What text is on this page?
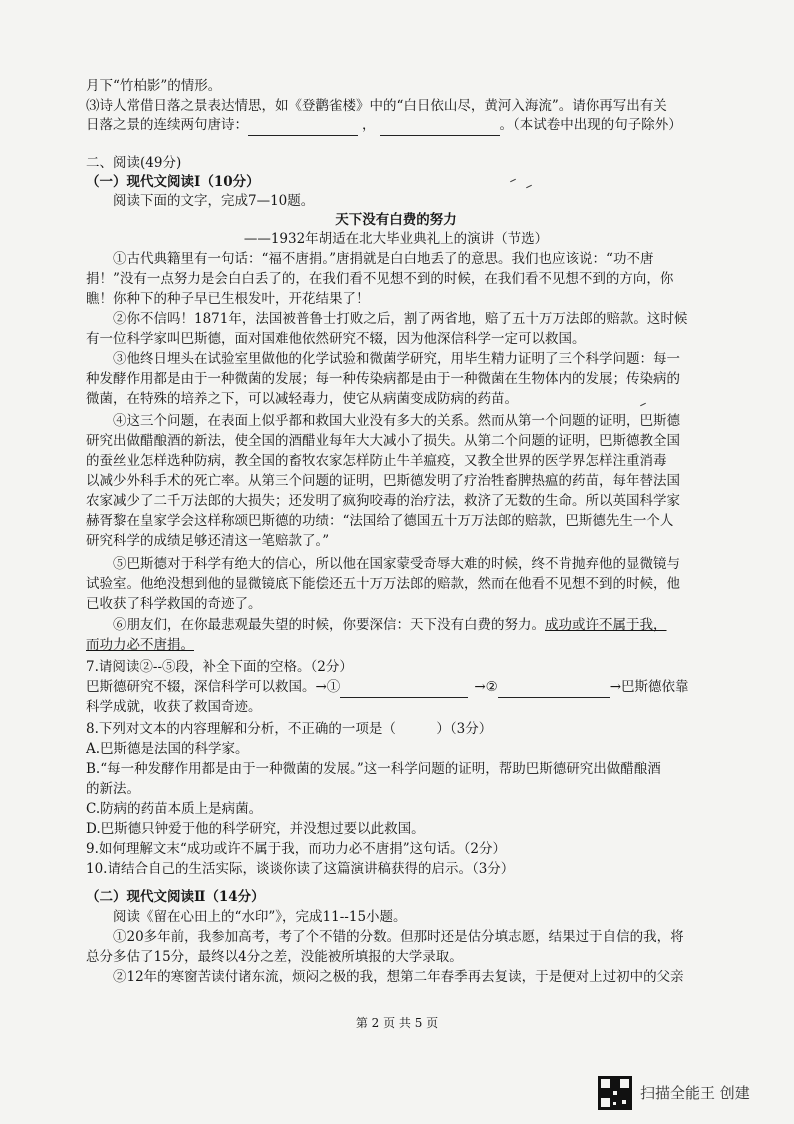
月下“竹柏影”的情形。
⑶诗人常借日落之景表达情思，如《登鹳雀楼》中的“白日依山尽，黄河入海流”。请你再写出有关
日落之景的连续两句唐诗：	，	。（本试卷中出现的句子除外）
二、阅读(49分)
（一）现代文阅读Ⅰ（10分）
阅读下面的文字，完成7—10题。
天下没有白费的努力
——1932年胡适在北大毕业典礼上的演讲（节选）
①古代典籍里有一句话：“福不唐捐。”唐捐就是白白地丢了的意思。我们也应该说：“功不唐
捐！”没有一点努力是会白白丢了的，在我们看不见想不到的时候，在我们看不见想不到的方向，你
瞧！你种下的种子早已生根发叶，开花结果了！
②你不信吗！1871年，法国被普鲁士打败之后，割了两省地，赔了五十万万法郎的赔款。这时候
有一位科学家叫巴斯德，面对国难他依然研究不辍，因为他深信科学一定可以救国。
③他终日埋头在试验室里做他的化学试验和微菌学研究，用毕生精力证明了三个科学问题：每一
种发酵作用都是由于一种微菌的发展；每一种传染病都是由于一种微菌在生物体内的发展；传染病的
微菌，在特殊的培养之下，可以减轻毒力，使它从病菌变成防病的药苗。
④这三个问题，在表面上似乎都和救国大业没有多大的关系。然而从第一个问题的证明，巴斯德
研究出做醋酿酒的新法，使全国的酒醋业每年大大减小了损失。从第二个问题的证明，巴斯德教全国
的蚕丝业怎样选种防病，教全国的畜牧农家怎样防止牛羊瘟疫，又教全世界的医学界怎样注重消毒
以减少外科手术的死亡率。从第三个问题的证明，巴斯德发明了疗治牲畜脾热瘟的药苗，每年替法国
农家减少了二千万法郎的大损失；还发明了疯狗咬毒的治疗法，救济了无数的生命。所以英国科学家
赫胥黎在皇家学会这样称颂巴斯德的功绩：“法国给了德国五十万万法郎的赔款，巴斯德先生一个人
研究科学的成绩足够还清这一笔赔款了。”
⑤巴斯德对于科学有绝大的信心，所以他在国家蒙受奇辱大难的时候，终不肯抛弃他的显微镜与
试验室。他绝没想到他的显微镜底下能偿还五十万万法郎的赔款，然而在他看不见想不到的时候，他
已收获了科学救国的奇迹了。
⑥朋友们，在你最悲观最失望的时候，你要深信：天下没有白费的努力。成功或许不属于我，
而功力必不唐捐。
7.请阅读②--⑤段，补全下面的空格。（2分）
巴斯德研究不辍，深信科学可以救国。→①	→②	→巴斯德依靠
科学成就，收获了救国奇迹。
8.下列对文本的内容理解和分析，不正确的一项是（　　　）（3分）
A.巴斯德是法国的科学家。
B.“每一种发酵作用都是由于一种微菌的发展。”这一科学问题的证明，帮助巴斯德研究出做醋酿酒
的新法。
C.防病的药苗本质上是病菌。
D.巴斯德只钟爱于他的科学研究，并没想过要以此救国。
9.如何理解文末“成功或许不属于我，而功力必不唐捐”这句话。（2分）
10.请结合自己的生活实际，谈谈你读了这篇演讲稿获得的启示。（3分）
（二）现代文阅读Ⅱ（14分）
阅读《留在心田上的“水印”》，完成11--15小题。
①20多年前，我参加高考，考了个不错的分数。但那时还是估分填志愿，结果过于自信的我，将
总分多估了15分，最终以4分之差，没能被所填报的大学录取。
②12年的寒窗苦读付诸东流，烦闷之极的我，想第二年春季再去复读，于是便对上过初中的父亲
第 2 页 共 5 页
扫描全能王 创建
